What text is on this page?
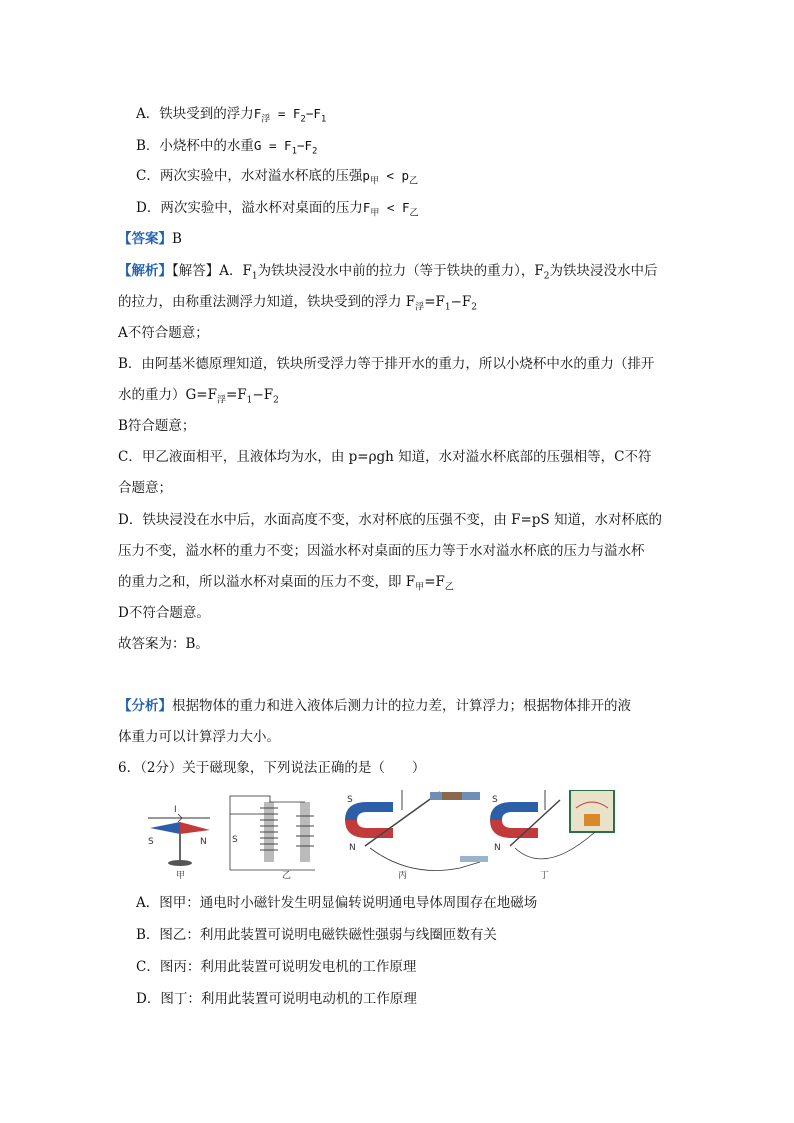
A．铁块受到的浮力$F_浮 = F_2-F_1$
B．小烧杯中的水重$G = F_1-F_2$
C．两次实验中，水对溢水杯底的压强$p_甲 < p_乙$
D．两次实验中，溢水杯对桌面的压力$F_甲 < F_乙$
【答案】B
【解析】【解答】A．$F_1$为铁块浸没水中前的拉力（等于铁块的重力），$F_2$为铁块浸没水中后
的拉力，由称重法测浮力知道，铁块受到的浮力 $F_浮=F_1-F_2$
A不符合题意；
B．由阿基米德原理知道，铁块所受浮力等于排开水的重力，所以小烧杯中水的重力（排开
水的重力）$G=F_浮=F_1-F_2$
B符合题意；
C．甲乙液面相平，且液体均为水，由 p=ρgh 知道，水对溢水杯底部的压强相等，C不符
合题意；
D．铁块浸没在水中后，水面高度不变，水对杯底的压强不变，由 F=pS 知道，水对杯底的
压力不变，溢水杯的重力不变；因溢水杯对桌面的压力等于水对溢水杯底的压力与溢水杯
的重力之和，所以溢水杯对桌面的压力不变，即 $F_甲=F_乙$
D不符合题意。
故答案为：B。
【分析】根据物体的重力和进入液体后测力计的拉力差，计算浮力；根据物体排开的液
体重力可以计算浮力大小。
6．（2分）关于磁现象，下列说法正确的是（　　）
I
S	N
甲
S
乙
S
N
丙
S
N
丁
A．图甲：通电时小磁针发生明显偏转说明通电导体周围存在地磁场
B．图乙：利用此装置可说明电磁铁磁性强弱与线圈匝数有关
C．图丙：利用此装置可说明发电机的工作原理
D．图丁：利用此装置可说明电动机的工作原理
